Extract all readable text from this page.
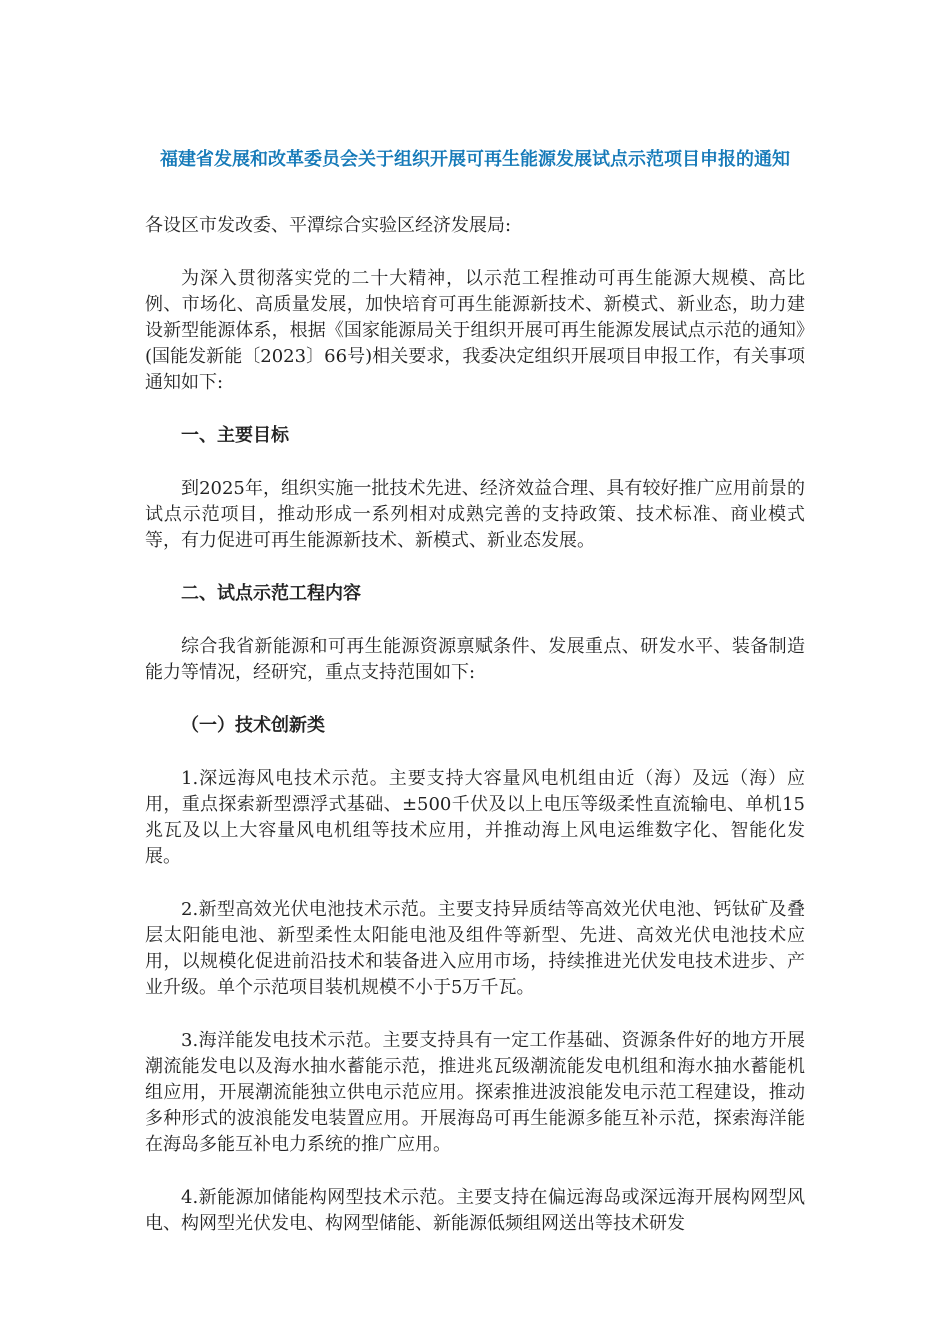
福建省发展和改革委员会关于组织开展可再生能源发展试点示范项目申报的通知

各设区市发改委、平潭综合实验区经济发展局:

为深入贯彻落实党的二十大精神，以示范工程推动可再生能源大规模、高比例、市场化、高质量发展，加快培育可再生能源新技术、新模式、新业态，助力建设新型能源体系，根据《国家能源局关于组织开展可再生能源发展试点示范的通知》(国能发新能〔2023〕66号)相关要求，我委决定组织开展项目申报工作，有关事项通知如下:

一、主要目标

到2025年，组织实施一批技术先进、经济效益合理、具有较好推广应用前景的试点示范项目，推动形成一系列相对成熟完善的支持政策、技术标准、商业模式等，有力促进可再生能源新技术、新模式、新业态发展。

二、试点示范工程内容

综合我省新能源和可再生能源资源禀赋条件、发展重点、研发水平、装备制造能力等情况，经研究，重点支持范围如下:

（一）技术创新类

1.深远海风电技术示范。主要支持大容量风电机组由近（海）及远（海）应用，重点探索新型漂浮式基础、±500千伏及以上电压等级柔性直流输电、单机15兆瓦及以上大容量风电机组等技术应用，并推动海上风电运维数字化、智能化发展。

2.新型高效光伏电池技术示范。主要支持异质结等高效光伏电池、钙钛矿及叠层太阳能电池、新型柔性太阳能电池及组件等新型、先进、高效光伏电池技术应用，以规模化促进前沿技术和装备进入应用市场，持续推进光伏发电技术进步、产业升级。单个示范项目装机规模不小于5万千瓦。

3.海洋能发电技术示范。主要支持具有一定工作基础、资源条件好的地方开展潮流能发电以及海水抽水蓄能示范，推进兆瓦级潮流能发电机组和海水抽水蓄能机组应用，开展潮流能独立供电示范应用。探索推进波浪能发电示范工程建设，推动多种形式的波浪能发电装置应用。开展海岛可再生能源多能互补示范，探索海洋能在海岛多能互补电力系统的推广应用。

4.新能源加储能构网型技术示范。主要支持在偏远海岛或深远海开展构网型风电、构网型光伏发电、构网型储能、新能源低频组网送出等技术研发
